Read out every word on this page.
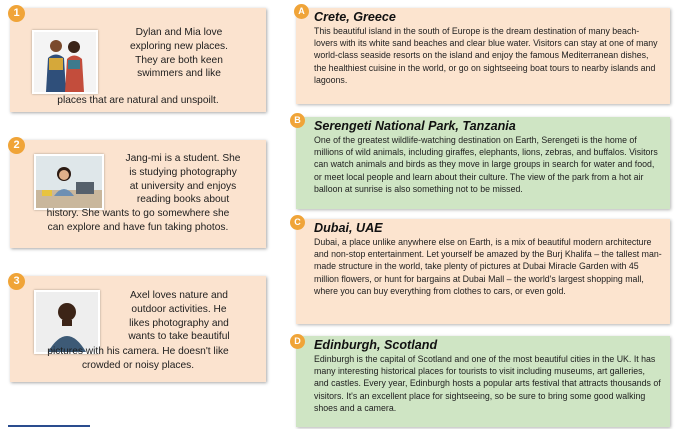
1
Dylan and Mia love
exploring new places.
They are both keen
swimmers and like
places that are natural and unspoilt.
2
Jang-mi is a student. She
is studying photography
at university and enjoys
reading books about
history. She wants to go somewhere she
can explore and have fun taking photos.
3
Axel loves nature and
outdoor activities. He
likes photography and
wants to take beautiful
pictures with his camera. He doesn't like
crowded or noisy places.
A Crete, Greece
This beautiful island in the south of Europe is the dream destination of many beach-lovers with its white sand beaches and clear blue water. Visitors can stay at one of many world-class seaside resorts on the island and enjoy the famous Mediterranean dishes, the healthiest cuisine in the world, or go on sightseeing boat tours to nearby islands and lagoons.
B	Serengeti National Park, Tanzania
One of the greatest wildlife-watching destination on Earth, Serengeti is the home of millions of wild animals, including giraffes, elephants, lions, zebras, and buffalos. Visitors can watch animals and birds as they move in large groups in search for water and food, or meet local people and learn about their culture. The view of the park from a hot air balloon at sunrise is also something not to be missed.
C	Dubai, UAE
Dubai, a place unlike anywhere else on Earth, is a mix of beautiful modern architecture and non-stop entertainment. Let yourself be amazed by the Burj Khalifa – the tallest man-made structure in the world, take plenty of pictures at Dubai Miracle Garden with 45 million flowers, or hunt for bargains at Dubai Mall – the world's largest shopping mall, where you can buy everything from clothes to cars, or even gold.
D	Edinburgh, Scotland
Edinburgh is the capital of Scotland and one of the most beautiful cities in the UK. It has many interesting historical places for tourists to visit including museums, art galleries, and castles. Every year, Edinburgh hosts a popular arts festival that attracts thousands of visitors. It's an excellent place for sightseeing, so be sure to bring some good walking shoes and a camera.
